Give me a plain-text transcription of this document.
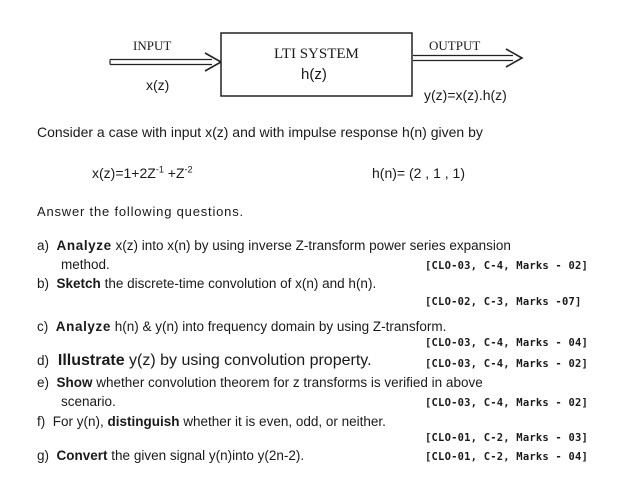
INPUT	OUTPUT
LTI SYSTEM
h(z)
x(z)
y(z)=x(z).h(z)
Consider a case with input x(z) and with impulse response h(n) given by
$x(z)=1+2Z^{-1} +Z^{-2}$	h(n)= (2 , 1 , 1)
Answer the following questions.
a) Analyze x(z) into x(n) by using inverse Z-transform power series expansion
method.	[CLO-03, C-4, Marks - 02]
b) Sketch the discrete-time convolution of x(n) and h(n).
[CLO-02, C-3, Marks -07]
c) Analyze h(n) & y(n) into frequency domain by using Z-transform.
[CLO-03, C-4, Marks - 04]
d) Illustrate y(z) by using convolution property.	[CLO-03, C-4, Marks - 02]
e) Show whether convolution theorem for z transforms is verified in above
scenario.	[CLO-03, C-4, Marks - 02]
f) For y(n), distinguish whether it is even, odd, or neither.
[CLO-01, C-2, Marks - 03]
g) Convert the given signal y(n)into y(2n-2).	[CLO-01, C-2, Marks - 04]
